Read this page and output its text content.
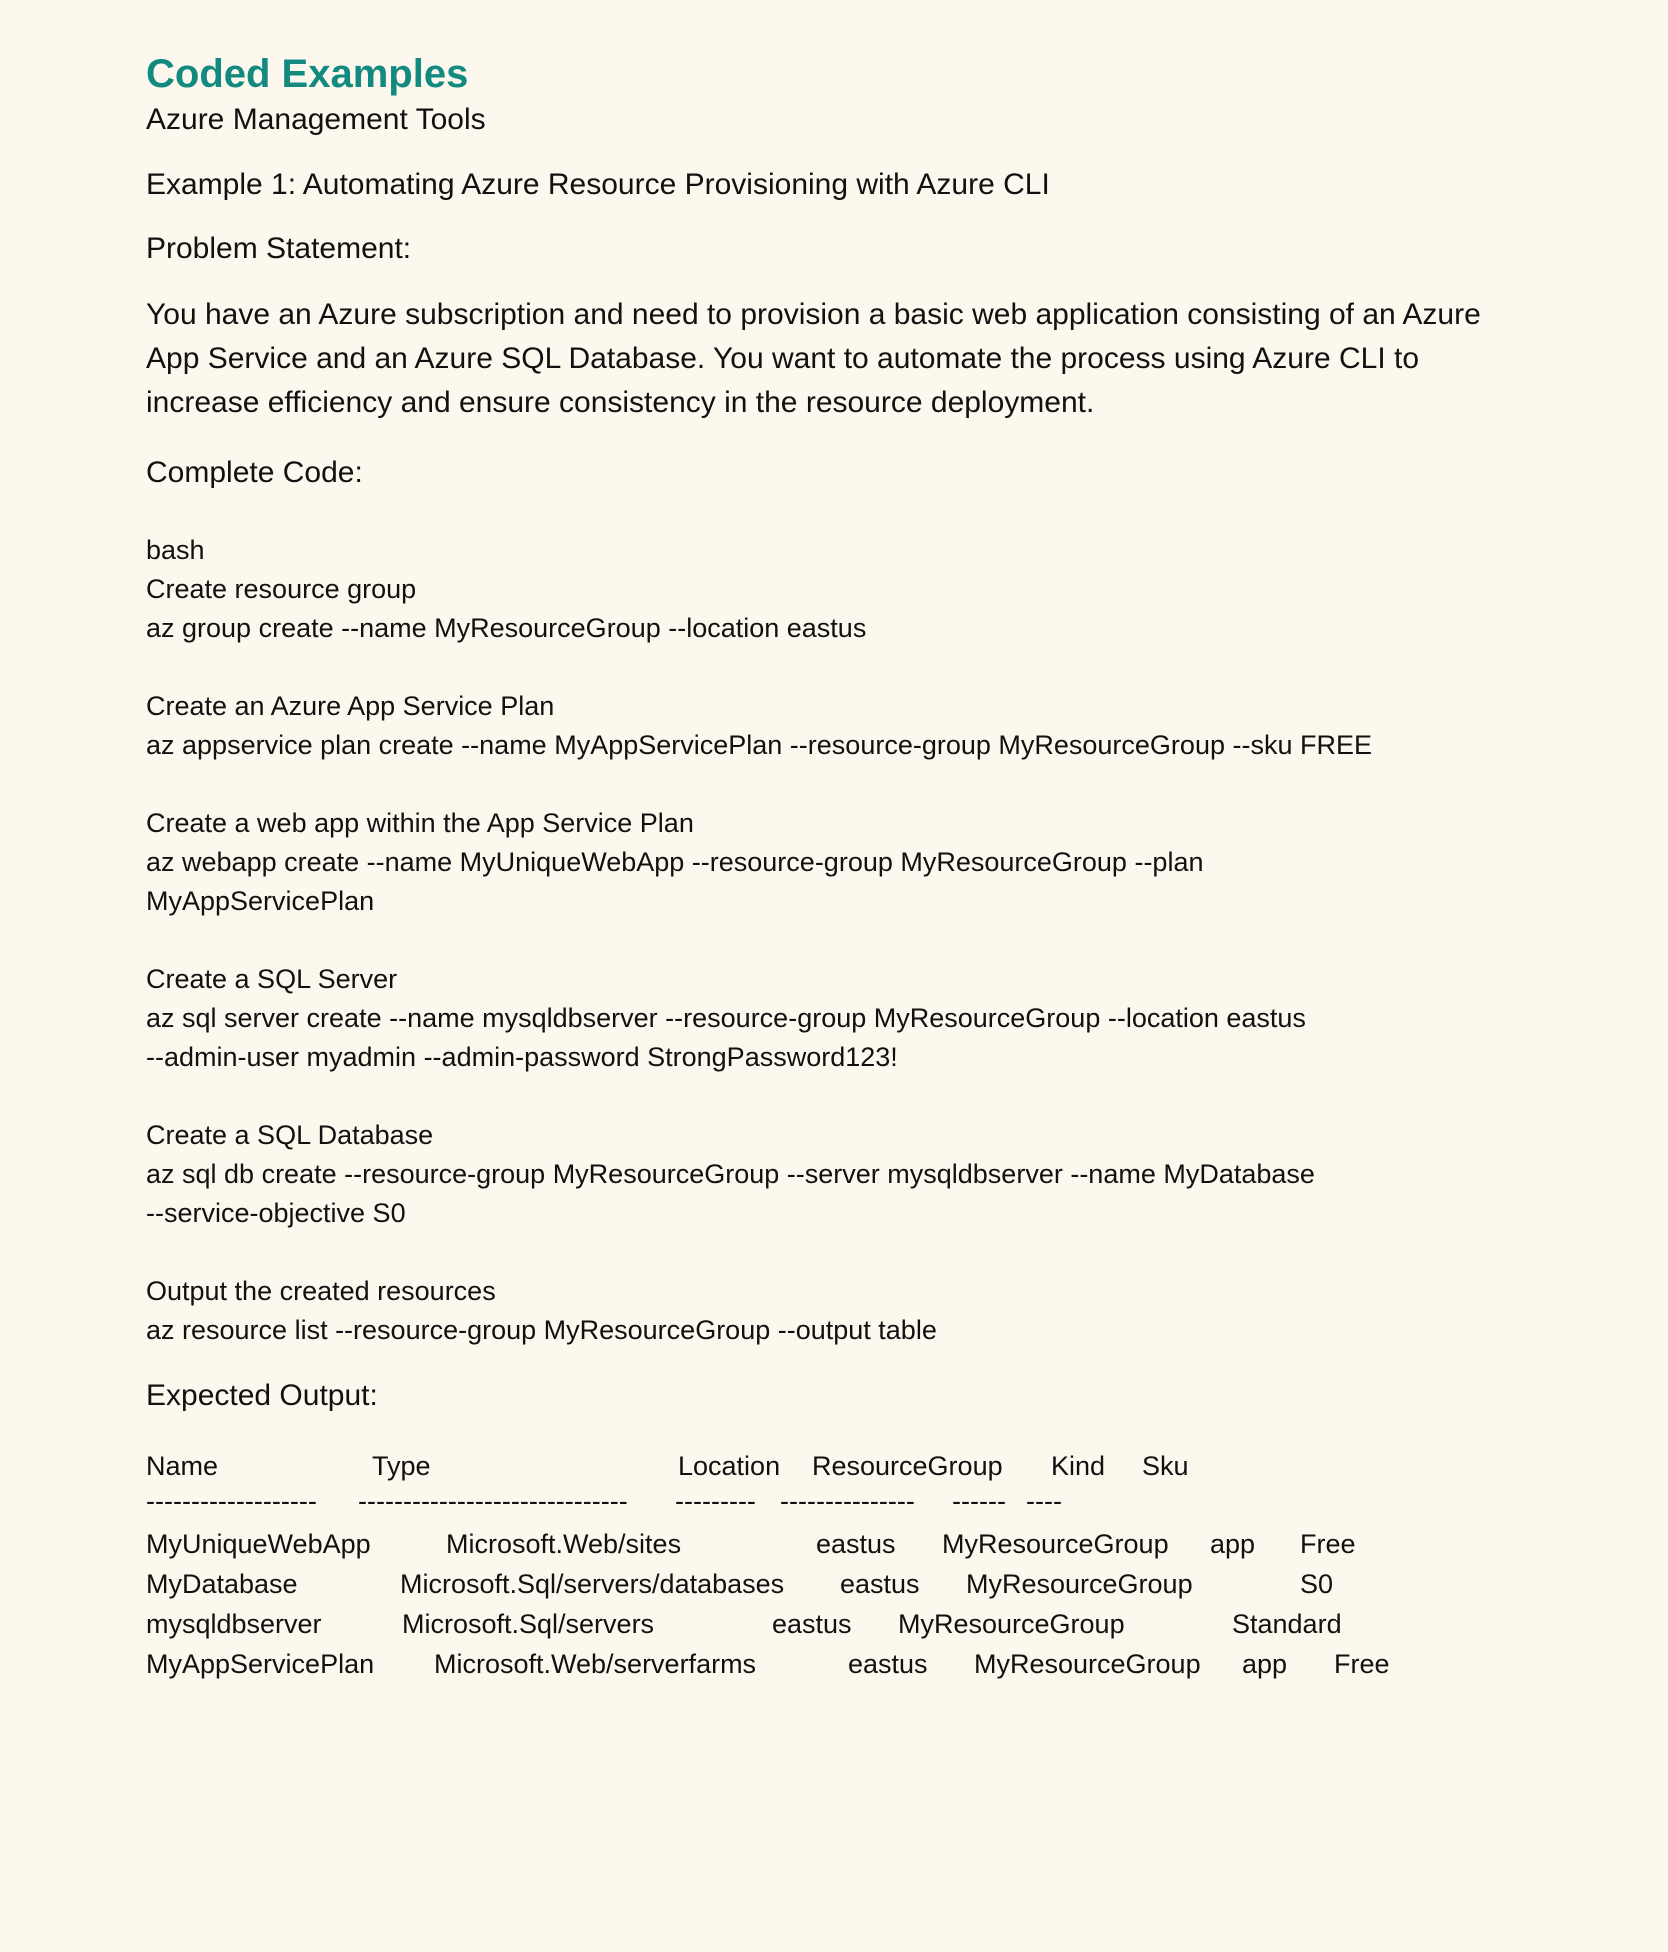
Coded Examples
Azure Management Tools
Example 1: Automating Azure Resource Provisioning with Azure CLI
Problem Statement:
You have an Azure subscription and need to provision a basic web application consisting of an Azure App Service and an Azure SQL Database. You want to automate the process using Azure CLI to increase efficiency and ensure consistency in the resource deployment.
Complete Code:
bash
Create resource group
az group create --name MyResourceGroup --location eastus
Create an Azure App Service Plan
az appservice plan create --name MyAppServicePlan --resource-group MyResourceGroup --sku FREE
Create a web app within the App Service Plan
az webapp create --name MyUniqueWebApp --resource-group MyResourceGroup --plan
MyAppServicePlan
Create a SQL Server
az sql server create --name mysqldbserver --resource-group MyResourceGroup --location eastus
--admin-user myadmin --admin-password StrongPassword123!
Create a SQL Database
az sql db create --resource-group MyResourceGroup --server mysqldbserver --name MyDatabase
--service-objective S0
Output the created resources
az resource list --resource-group MyResourceGroup --output table
Expected Output:
Name	Type	Location ResourceGroup Kind Sku
------------------- ------------------------------ --------- --------------- ------ ----
MyUniqueWebApp	Microsoft.Web/sites	eastus MyResourceGroup app Free
MyDatabase	Microsoft.Sql/servers/databases eastus MyResourceGroup	S0
mysqldbserver	Microsoft.Sql/servers	eastus MyResourceGroup	Standard
MyAppServicePlan Microsoft.Web/serverfarms	eastus MyResourceGroup app Free
